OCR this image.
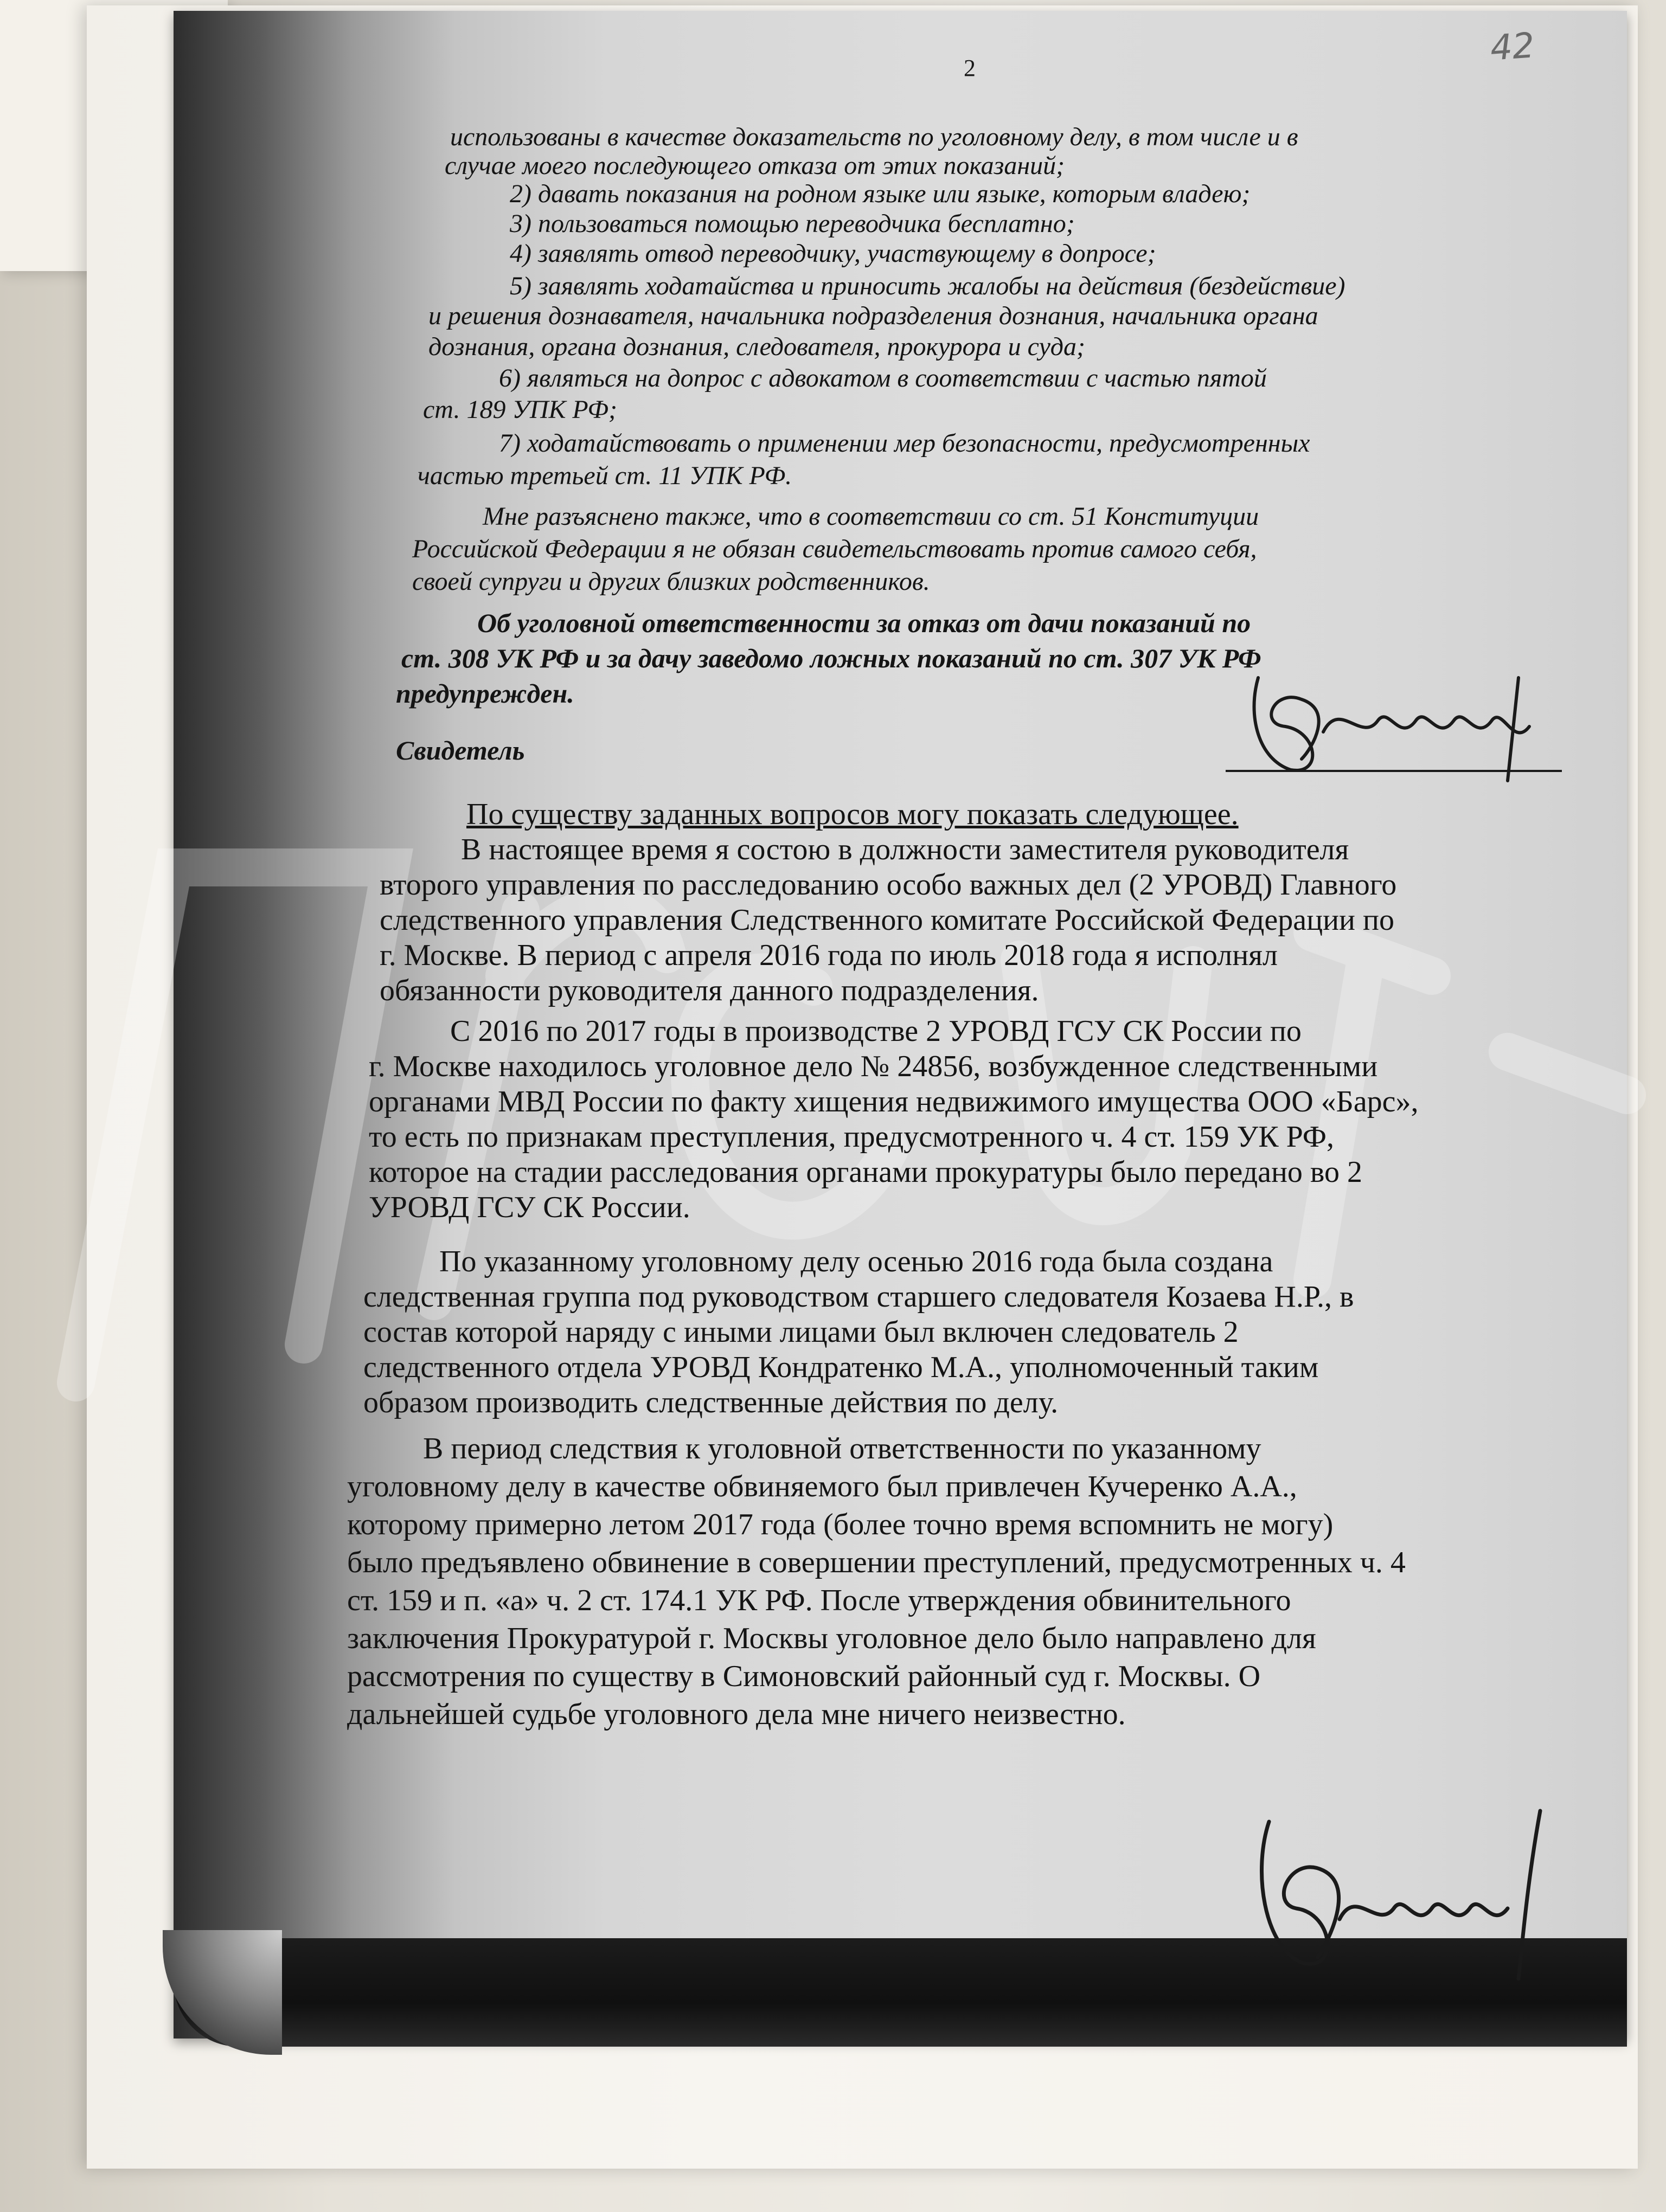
2	42
использованы в качестве доказательств по уголовному делу, в том числе и в
случае моего последующего отказа от этих показаний;
2) давать показания на родном языке или языке, которым владею;
3) пользоваться помощью переводчика бесплатно;
4) заявлять отвод переводчику, участвующему в допросе;
5) заявлять ходатайства и приносить жалобы на действия (бездействие)
и решения дознавателя, начальника подразделения дознания, начальника органа
дознания, органа дознания, следователя, прокурора и суда;
6) являться на допрос с адвокатом в соответствии с частью пятой
ст. 189 УПК РФ;
7) ходатайствовать о применении мер безопасности, предусмотренных
частью третьей ст. 11 УПК РФ.
Мне разъяснено также, что в соответствии со ст. 51 Конституции
Российской Федерации я не обязан свидетельствовать против самого себя,
своей супруги и других близких родственников.
Об уголовной ответственности за отказ от дачи показаний по
ст. 308 УК РФ и за дачу заведомо ложных показаний по ст. 307 УК РФ
предупрежден.
Свидетель
По существу заданных вопросов могу показать следующее.
В настоящее время я состою в должности заместителя руководителя
второго управления по расследованию особо важных дел (2 УРОВД) Главного
следственного управления Следственного комитате Российской Федерации по
г. Москве. В период с апреля 2016 года по июль 2018 года я исполнял
обязанности руководителя данного подразделения.
С 2016 по 2017 годы в производстве 2 УРОВД ГСУ СК России по
г. Москве находилось уголовное дело № 24856, возбужденное следственными
органами МВД России по факту хищения недвижимого имущества ООО «Барс»,
то есть по признакам преступления, предусмотренного ч. 4 ст. 159 УК РФ,
которое на стадии расследования органами прокуратуры было передано во 2
УРОВД ГСУ СК России.
По указанному уголовному делу осенью 2016 года была создана
следственная группа под руководством старшего следователя Козаева Н.Р., в
состав которой наряду с иными лицами был включен следователь 2
следственного отдела УРОВД Кондратенко М.А., уполномоченный таким
образом производить следственные действия по делу.
В период следствия к уголовной ответственности по указанному
уголовному делу в качестве обвиняемого был привлечен Кучеренко А.А.,
которому примерно летом 2017 года (более точно время вспомнить не могу)
было предъявлено обвинение в совершении преступлений, предусмотренных ч. 4
ст. 159 и п. «а» ч. 2 ст. 174.1 УК РФ. После утверждения обвинительного
заключения Прокуратурой г. Москвы уголовное дело было направлено для
рассмотрения по существу в Симоновский районный суд г. Москвы. О
дальнейшей судьбе уголовного дела мне ничего неизвестно.
